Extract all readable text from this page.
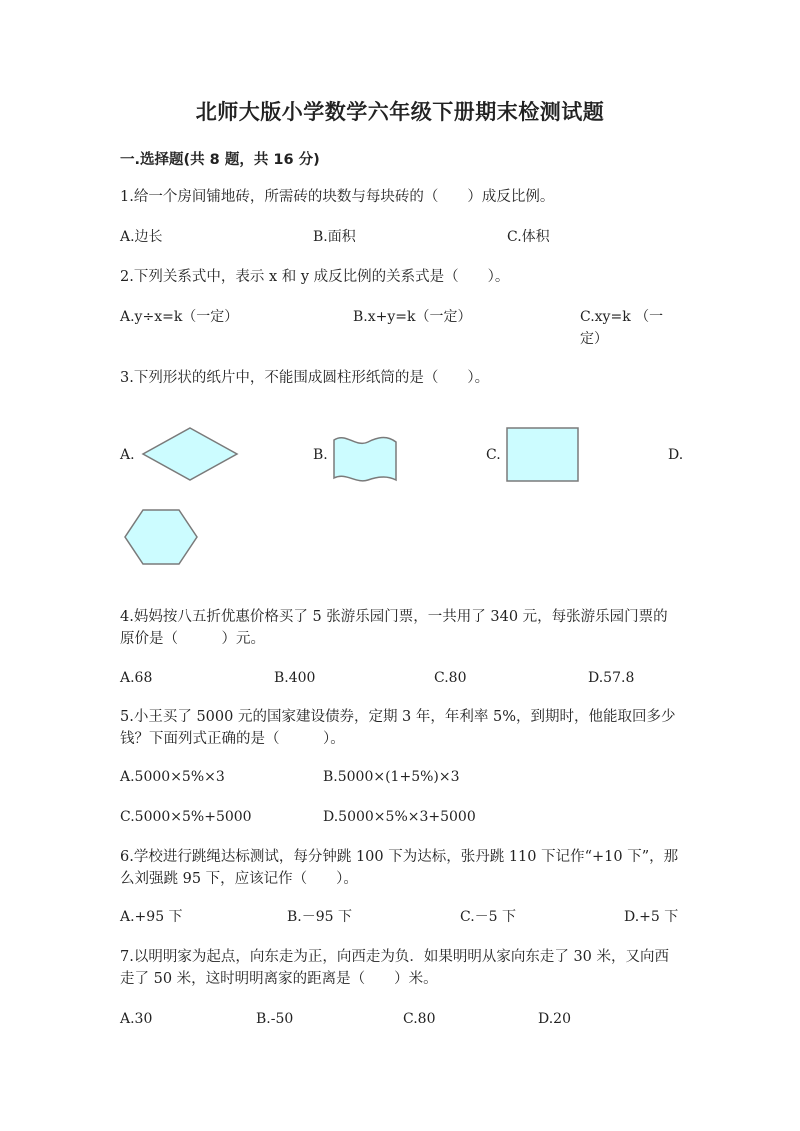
北师大版小学数学六年级下册期末检测试题
一.选择题(共 8 题，共 16 分)
1.给一个房间铺地砖，所需砖的块数与每块砖的（　　）成反比例。
A.边长	B.面积	C.体积
2.下列关系式中，表示 x 和 y 成反比例的关系式是（　　）。
A.y÷x=k（一定）	B.x+y=k（一定）	C.xy=k （一定）
3.下列形状的纸片中，不能围成圆柱形纸筒的是（　　）。
A.	B.	C.	D.
4.妈妈按八五折优惠价格买了 5 张游乐园门票，一共用了 340 元，每张游乐园门票的原价是（　　　）元。
A.68	B.400	C.80	D.57.8
5.小王买了 5000 元的国家建设债券，定期 3 年，年利率 5%，到期时，他能取回多少钱？下面列式正确的是（　　　）。
A.5000×5%×3	B.5000×(1+5%)×3
C.5000×5%+5000	D.5000×5%×3+5000
6.学校进行跳绳达标测试，每分钟跳 100 下为达标，张丹跳 110 下记作“+10 下”，那么刘强跳 95 下，应该记作（　　）。
A.+95 下	B.－95 下	C.－5 下	D.+5 下
7.以明明家为起点，向东走为正，向西走为负．如果明明从家向东走了 30 米，又向西走了 50 米，这时明明离家的距离是（　　）米。
A.30	B.-50	C.80	D.20
